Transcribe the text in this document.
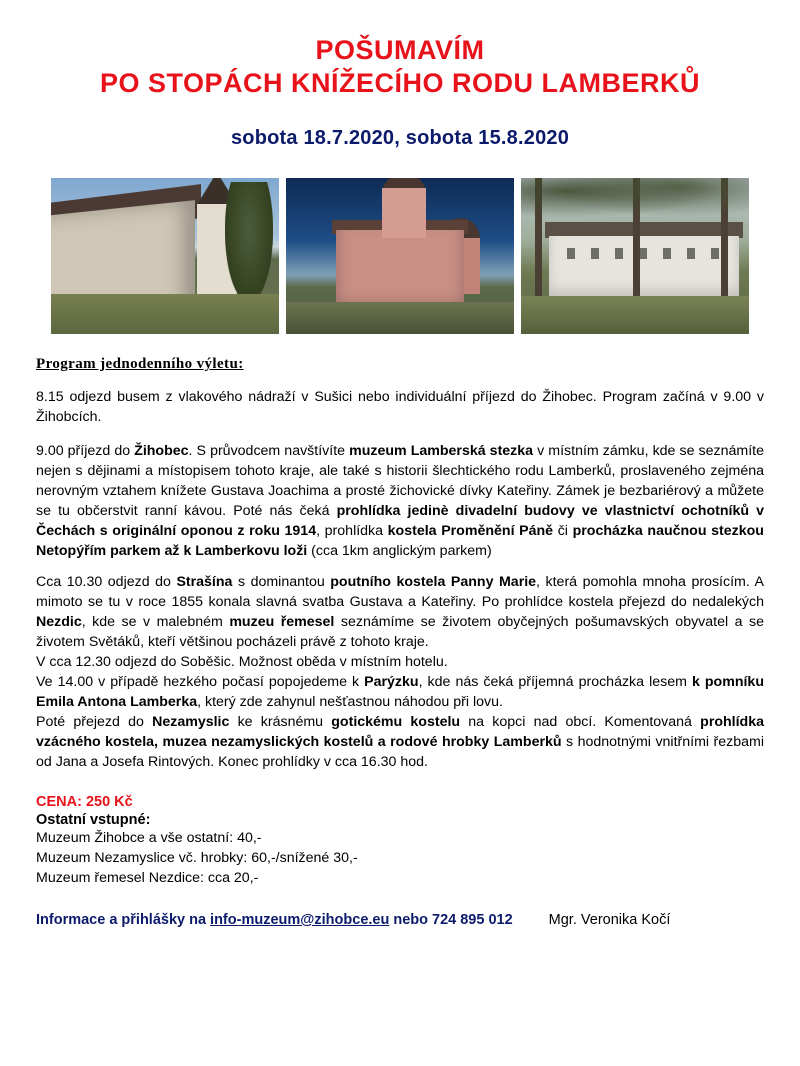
POŠUMAVÍM
PO STOPÁCH KNÍŽECÍHO RODU LAMBERKŮ
sobota 18.7.2020, sobota 15.8.2020
Program jednodenního výletu:
8.15 odjezd busem z vlakového nádraží v Sušici nebo individuální příjezd do Žihobec. Program začíná v 9.00 v Žihobcích.
9.00 příjezd do Žihobec. S průvodcem navštívíte muzeum Lamberská stezka v místním zámku, kde se seznámíte nejen s dějinami a místopisem tohoto kraje, ale také s historii šlechtického rodu Lamberků, proslaveného zejména nerovným vztahem knížete Gustava Joachima a prosté žichovické dívky Kateřiny. Zámek je bezbariérový a můžete se tu občerstvit ranní kávou. Poté nás čeká prohlídka jedinè divadelní budovy ve vlastnictví ochotníků v Čechách s originální oponou z roku 1914, prohlídka kostela Proměnění Páně či procházka naučnou stezkou Netopýřím parkem až k Lamberkovu loži (cca 1km anglickým parkem)
Cca 10.30 odjezd do Strašína s dominantou poutního kostela Panny Marie, která pomohla mnoha prosícím. A mimoto se tu v roce 1855 konala slavná svatba Gustava a Kateřiny. Po prohlídce kostela přejezd do nedalekých Nezdic, kde se v malebném muzeu řemesel seznámíme se životem obyčejných pošumavských obyvatel a se životem Světáků, kteří většinou pocházeli právě z tohoto kraje.
V cca 12.30 odjezd do Soběšic. Možnost oběda v místním hotelu.
Ve 14.00 v případě hezkého počasí popojedeme k Parýzku, kde nás čeká příjemná procházka lesem k pomníku Emila Antona Lamberka, který zde zahynul nešťastnou náhodou při lovu.
Poté přejezd do Nezamyslic ke krásnému gotickému kostelu na kopci nad obcí. Komentovaná prohlídka vzácného kostela, muzea nezamyslických kostelů a rodové hrobky Lamberků s hodnotnými vnitřními řezbami od Jana a Josefa Rintových. Konec prohlídky v cca 16.30 hod.
CENA: 250 Kč
Ostatní vstupné:
Muzeum Žihobce a vše ostatní: 40,-
Muzeum Nezamyslice vč. hrobky: 60,-/snížené 30,-
Muzeum řemesel Nezdice: cca 20,-
Informace a přihlášky na info-muzeum@zihobce.eu nebo 724 895 012 Mgr. Veronika Kočí
